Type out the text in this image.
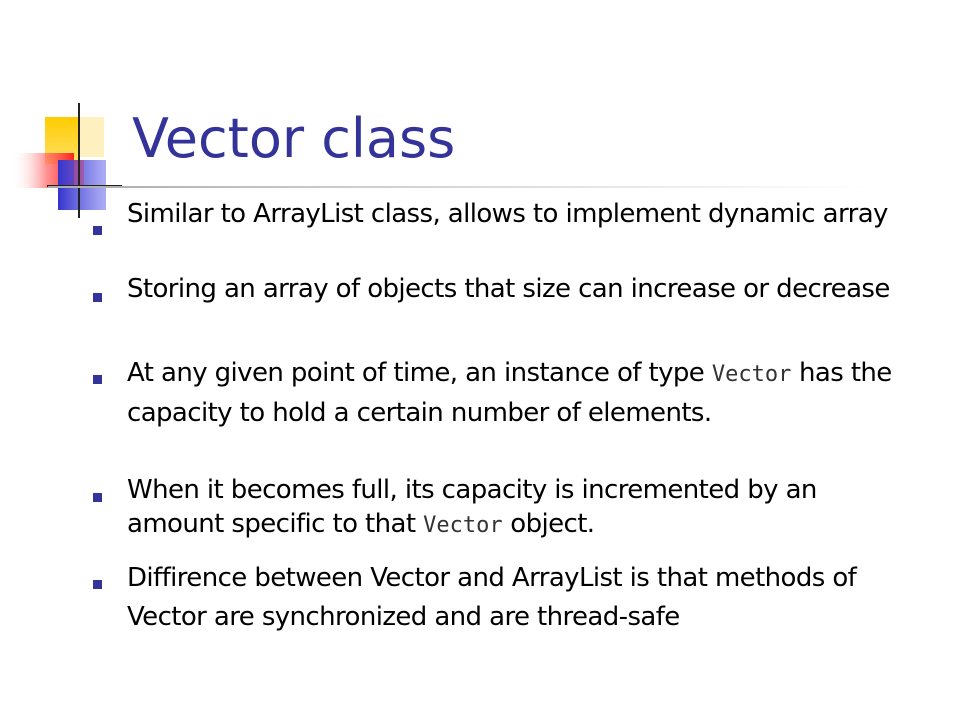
Vector class
Similar to ArrayList class, allows to implement dynamic array
Storing an array of objects that size can increase or decrease
At any given point of time, an instance of type Vector has the capacity to hold a certain number of elements.
When it becomes full, its capacity is incremented by an amount specific to that Vector object.
Diffirence between Vector and ArrayList is that methods of Vector are synchronized and are thread-safe
